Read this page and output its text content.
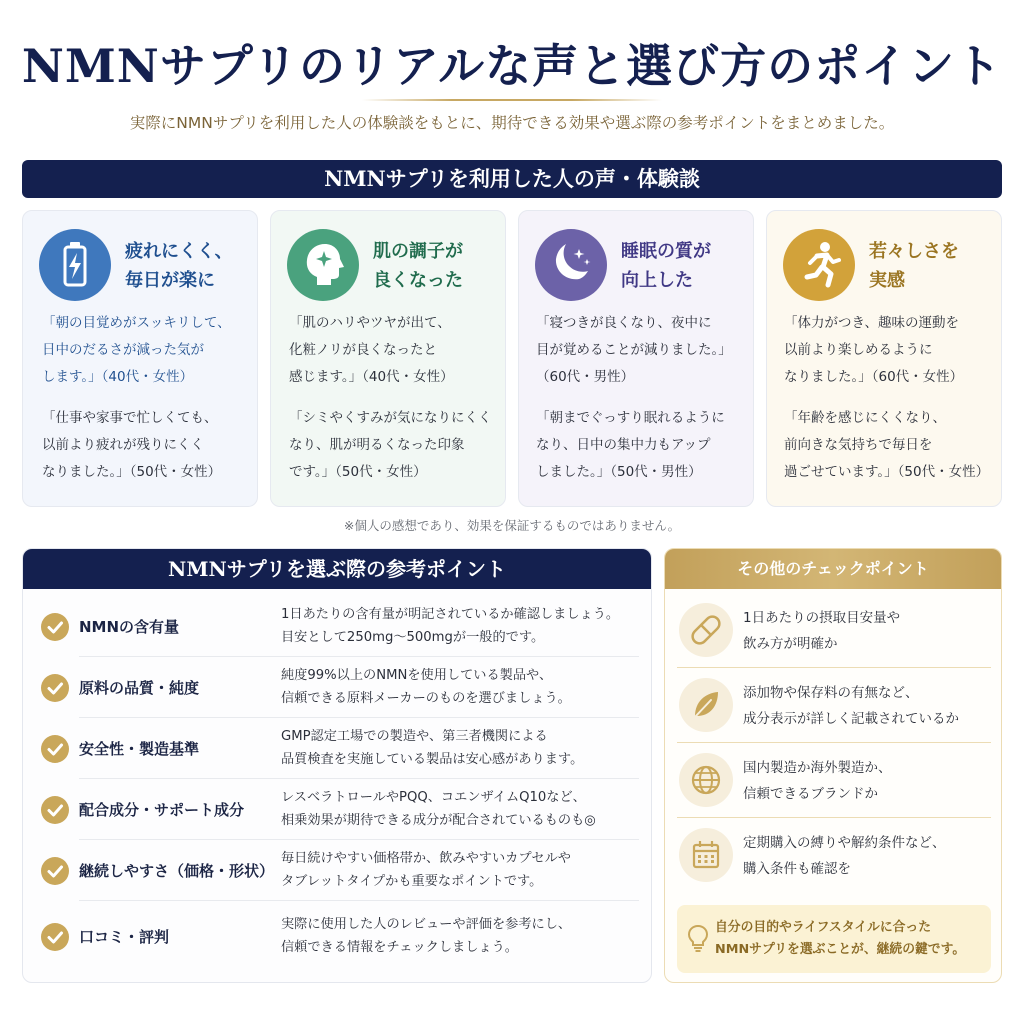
NMNサプリのリアルな声と選び方のポイント
実際にNMNサプリを利用した人の体験談をもとに、期待できる効果や選ぶ際の参考ポイントをまとめました。
NMNサプリを利用した人の声・体験談
疲れにくく、
毎日が楽に
肌の調子が
良くなった
睡眠の質が
向上した
若々しさを
実感
「朝の目覚めがスッキリして、
日中のだるさが減った気が
します。」（40代・女性）
「仕事や家事で忙しくても、
以前より疲れが残りにくく
なりました。」（50代・女性）
「肌のハリやツヤが出て、
化粧ノリが良くなったと
感じます。」（40代・女性）
「シミやくすみが気になりにくく
なり、肌が明るくなった印象
です。」（50代・女性）
「寝つきが良くなり、夜中に
目が覚めることが減りました。」
（60代・男性）
「朝までぐっすり眠れるように
なり、日中の集中力もアップ
しました。」（50代・男性）
「体力がつき、趣味の運動を
以前より楽しめるように
なりました。」（60代・女性）
「年齢を感じにくくなり、
前向きな気持ちで毎日を
過ごせています。」（50代・女性）
※個人の感想であり、効果を保証するものではありません。
NMNサプリを選ぶ際の参考ポイント
NMNの含有量
1日あたりの含有量が明記されているか確認しましょう。
目安として250mg〜500mgが一般的です。
原料の品質・純度
純度99%以上のNMNを使用している製品や、
信頼できる原料メーカーのものを選びましょう。
安全性・製造基準
GMP認定工場での製造や、第三者機関による
品質検査を実施している製品は安心感があります。
配合成分・サポート成分
レスベラトロールやPQQ、コエンザイムQ10など、
相乗効果が期待できる成分が配合されているものも◎
継続しやすさ（価格・形状）
毎日続けやすい価格帯か、飲みやすいカプセルや
タブレットタイプかも重要なポイントです。
口コミ・評判
実際に使用した人のレビューや評価を参考にし、
信頼できる情報をチェックしましょう。
その他のチェックポイント
1日あたりの摂取目安量や
飲み方が明確か
添加物や保存料の有無など、
成分表示が詳しく記載されているか
国内製造か海外製造か、
信頼できるブランドか
定期購入の縛りや解約条件など、
購入条件も確認を
自分の目的やライフスタイルに合った
NMNサプリを選ぶことが、継続の鍵です。
